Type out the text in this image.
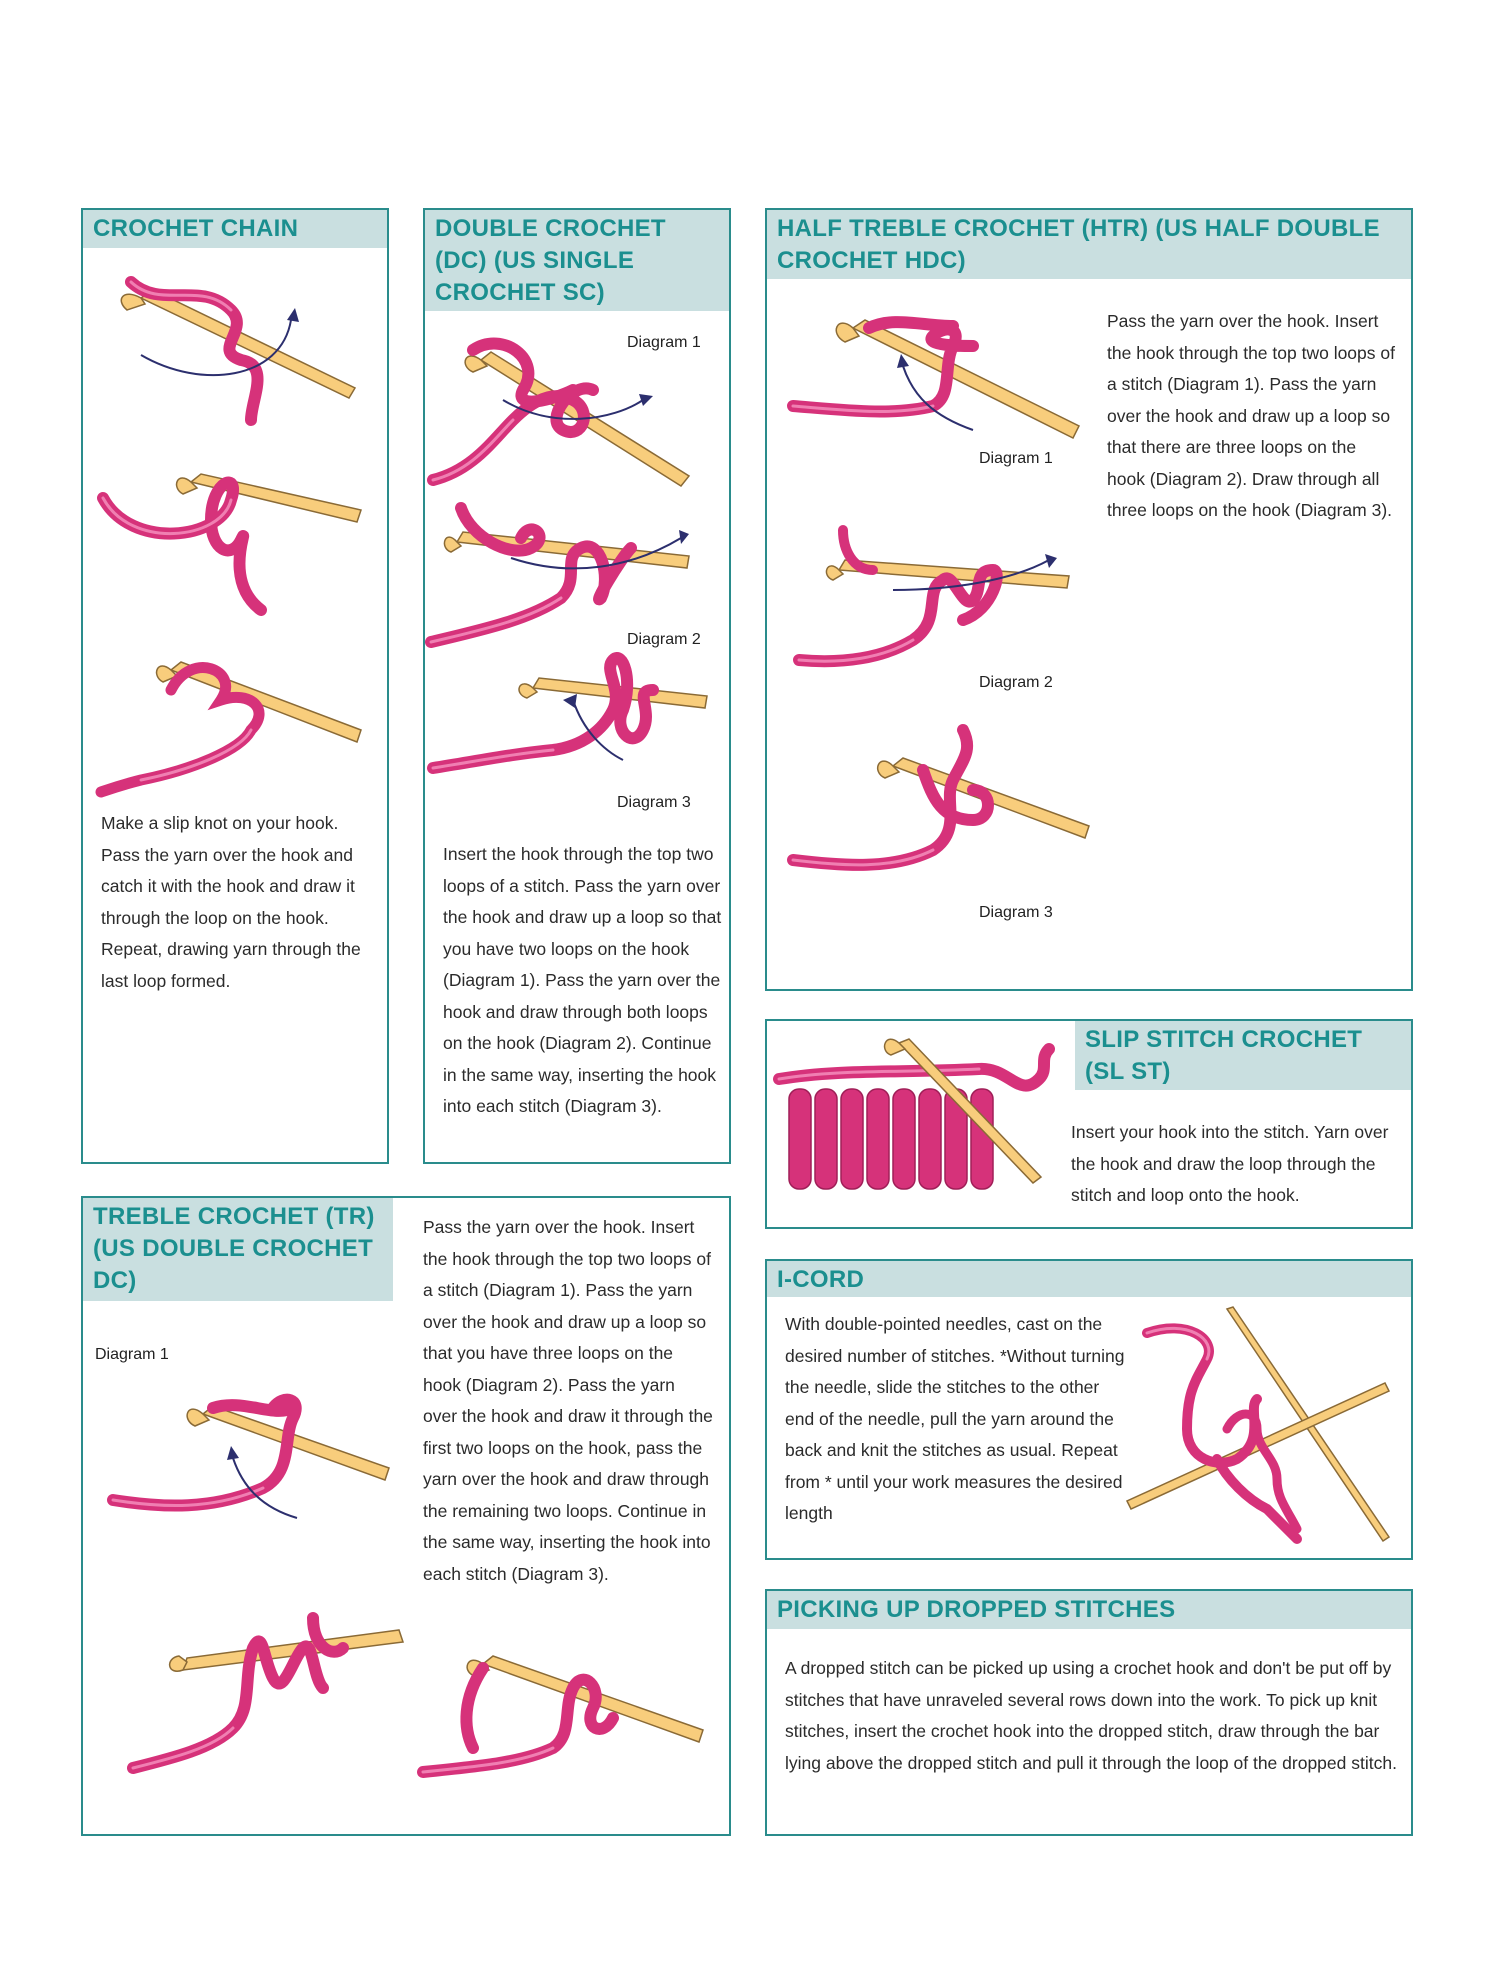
CROCHET CHAIN
Make a slip knot on your hook. Pass the yarn over the hook and catch it with the hook and draw it through the loop on the hook. Repeat, drawing yarn through the last loop formed.
DOUBLE CROCHET (DC) (US SINGLE CROCHET SC)
Diagram 1
Diagram 2
Diagram 3
Insert the hook through the top two loops of a stitch. Pass the yarn over the hook and draw up a loop so that you have two loops on the hook (Diagram 1). Pass the yarn over the hook and draw through both loops on the hook (Diagram 2). Continue in the same way, inserting the hook into each stitch (Diagram 3).
HALF TREBLE CROCHET (HTR) (US HALF DOUBLE CROCHET HDC)
Diagram 1
Diagram 2
Diagram 3
Pass the yarn over the hook. Insert the hook through the top two loops of a stitch (Diagram 1). Pass the yarn over the hook and draw up a loop so that there are three loops on the hook (Diagram 2). Draw through all three loops on the hook (Diagram 3).
SLIP STITCH CROCHET (SL ST)
Insert your hook into the stitch. Yarn over the hook and draw the loop through the stitch and loop onto the hook.
TREBLE CROCHET (TR) (US DOUBLE CROCHET DC)
Diagram 1
Pass the yarn over the hook. Insert the hook through the top two loops of a stitch (Diagram 1). Pass the yarn over the hook and draw up a loop so that you have three loops on the hook (Diagram 2). Pass the yarn over the hook and draw it through the first two loops on the hook, pass the yarn over the hook and draw through the remaining two loops. Continue in the same way, inserting the hook into each stitch (Diagram 3).
I-CORD
With double-pointed needles, cast on the desired number of stitches. *Without turning the needle, slide the stitches to the other end of the needle, pull the yarn around the back and knit the stitches as usual. Repeat from * until your work measures the desired length
PICKING UP DROPPED STITCHES
A dropped stitch can be picked up using a crochet hook and don't be put off by stitches that have unraveled several rows down into the work. To pick up knit stitches, insert the crochet hook into the dropped stitch, draw through the bar lying above the dropped stitch and pull it through the loop of the dropped stitch.
